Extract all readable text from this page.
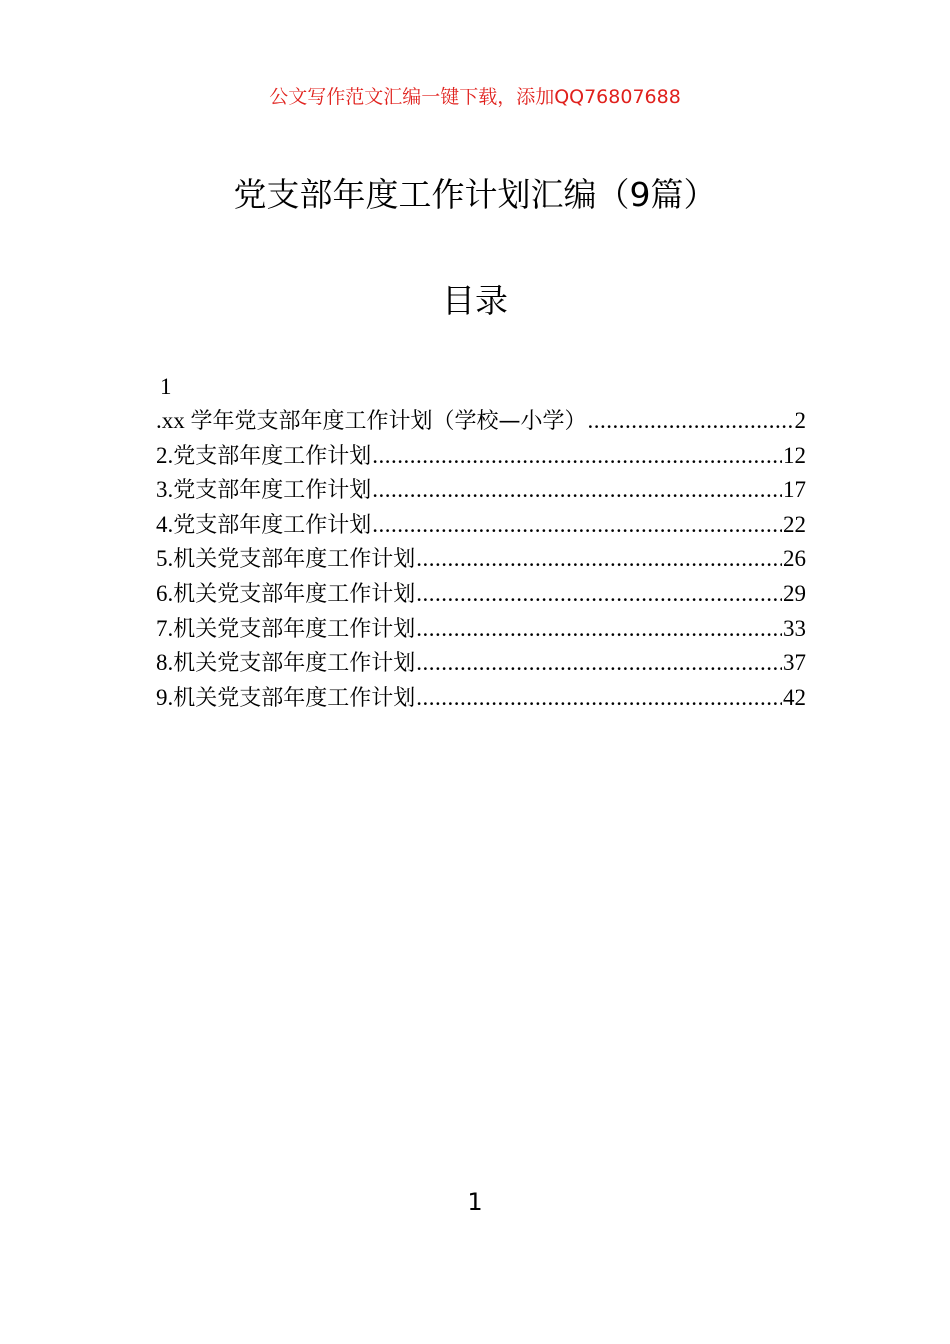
公文写作范文汇编一键下载，添加QQ76807688
党支部年度工作计划汇编（9篇）
目录
1
.xx 学年党支部年度工作计划（学校—小学） .....	2
2.党支部年度工作计划 .....	12
3.党支部年度工作计划 .....	17
4.党支部年度工作计划 .....	22
5.机关党支部年度工作计划 .....	26
6.机关党支部年度工作计划 .....	29
7.机关党支部年度工作计划 .....	33
8.机关党支部年度工作计划 .....	37
9.机关党支部年度工作计划 .....	42
1
